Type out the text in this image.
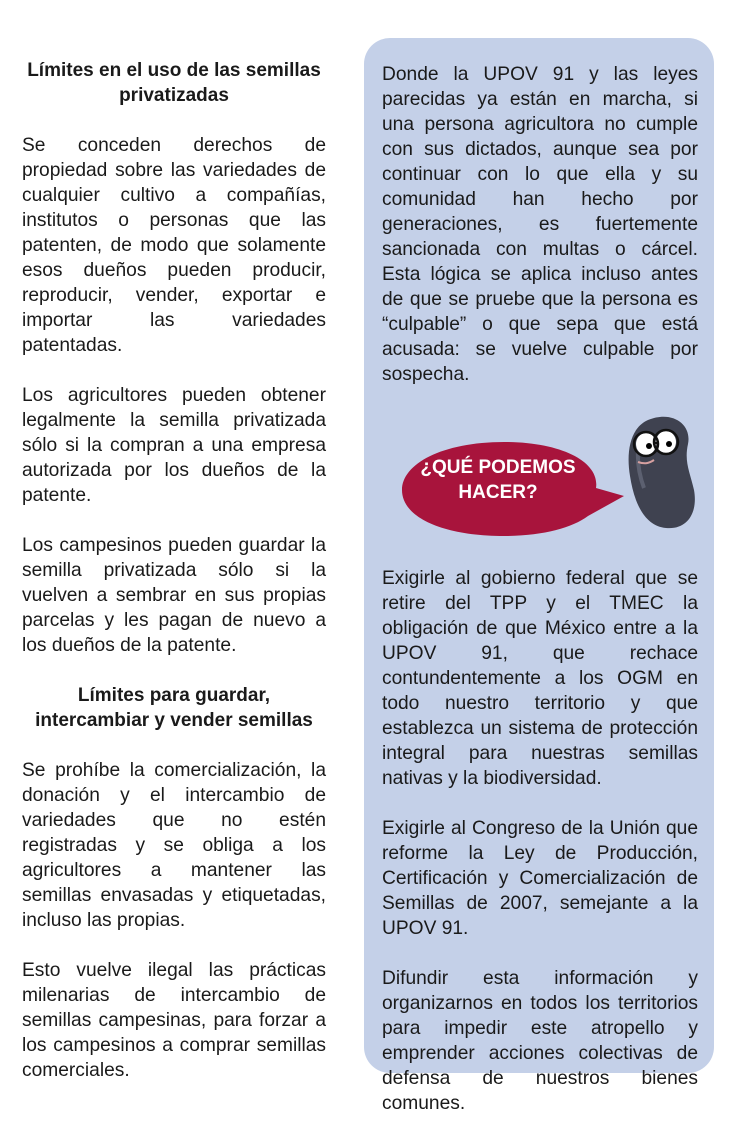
Límites en el uso de las semillas privatizadas

Se conceden derechos de propiedad sobre las variedades de cualquier cultivo a compañías, institutos o personas que las patenten, de modo que solamente esos dueños pueden producir, reproducir, vender, exportar e importar las variedades patentadas.

Los agricultores pueden obtener legalmente la semilla privatizada sólo si la compran a una empresa autorizada por los dueños de la patente.

Los campesinos pueden guardar la semilla privatizada sólo si la vuelven a sembrar en sus propias parcelas y les pagan de nuevo a los dueños de la patente.

Límites para guardar, intercambiar y vender semillas

Se prohíbe la comercialización, la donación y el intercambio de variedades que no estén registradas y se obliga a los agricultores a mantener las semillas envasadas y etiquetadas, incluso las propias.

Esto vuelve ilegal las prácticas milenarias de intercambio de semillas campesinas, para forzar a los campesinos a comprar semillas comerciales.

Donde la UPOV 91 y las leyes parecidas ya están en marcha, si una persona agricultora no cumple con sus dictados, aunque sea por continuar con lo que ella y su comunidad han hecho por generaciones, es fuertemente sancionada con multas o cárcel. Esta lógica se aplica incluso antes de que se pruebe que la persona es “culpable” o que sepa que está acusada: se vuelve culpable por sospecha.

¿QUÉ PODEMOS HACER?

Exigirle al gobierno federal que se retire del TPP y el TMEC la obligación de que México entre a la UPOV 91, que rechace contundentemente a los OGM en todo nuestro territorio y que establezca un sistema de protección integral para nuestras semillas nativas y la biodiversidad.

Exigirle al Congreso de la Unión que reforme la Ley de Producción, Certificación y Comercialización de Semillas de 2007, semejante a la UPOV 91.

Difundir esta información y organizarnos en todos los territorios para impedir este atropello y emprender acciones colectivas de defensa de nuestros bienes comunes.
